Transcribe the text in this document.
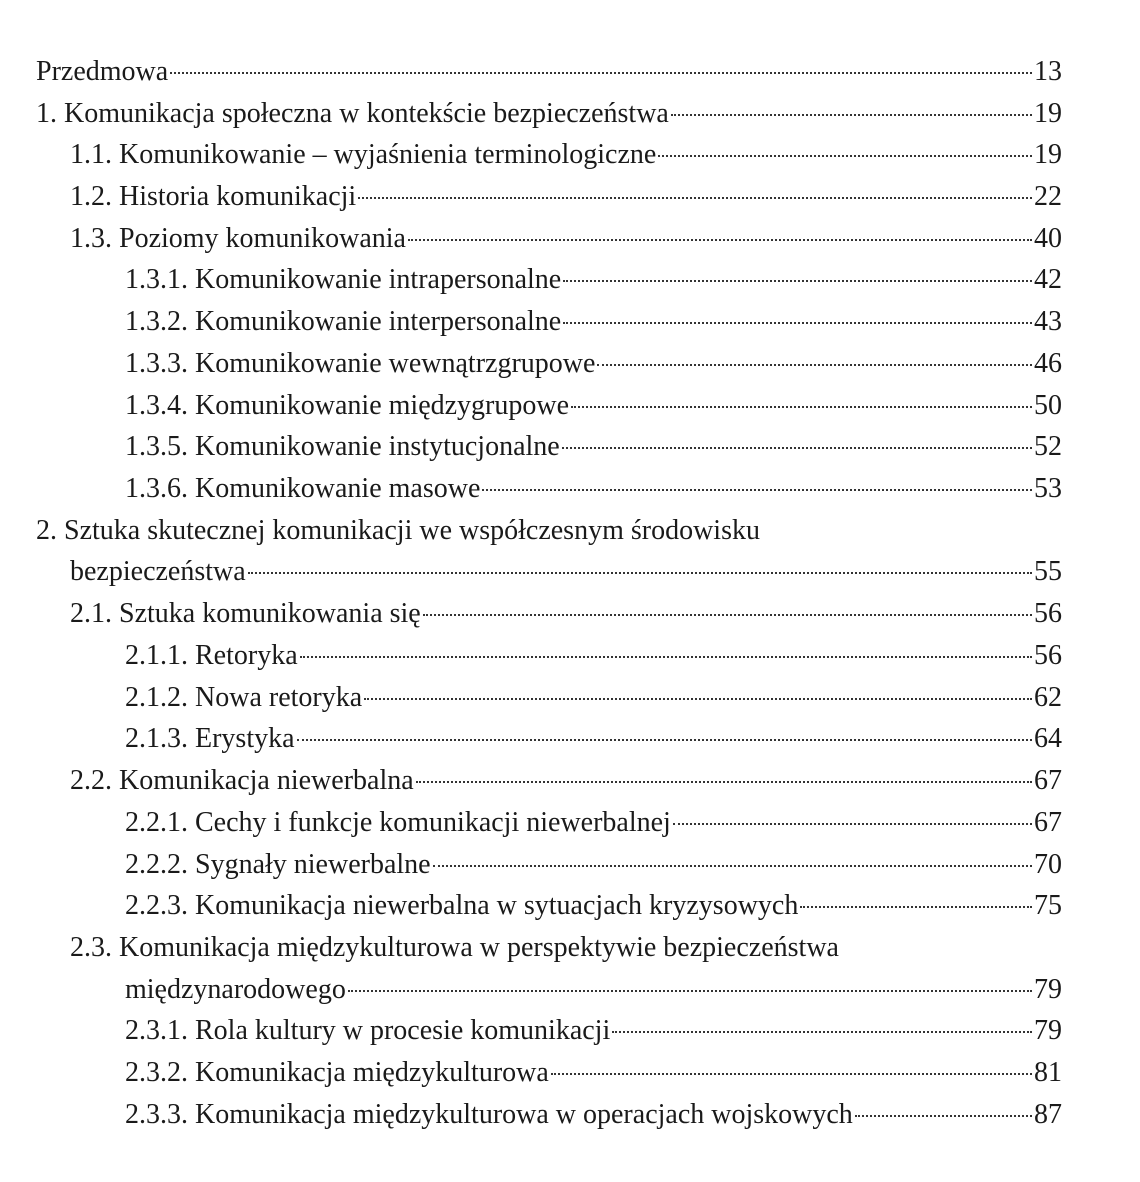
Przedmowa	13
1. Komunikacja społeczna w kontekście bezpieczeństwa	19
1.1. Komunikowanie – wyjaśnienia terminologiczne	19
1.2. Historia komunikacji	22
1.3. Poziomy komunikowania	40
1.3.1. Komunikowanie intrapersonalne	42
1.3.2. Komunikowanie interpersonalne	43
1.3.3. Komunikowanie wewnątrzgrupowe	46
1.3.4. Komunikowanie międzygrupowe	50
1.3.5. Komunikowanie instytucjonalne	52
1.3.6. Komunikowanie masowe	53
2. Sztuka skutecznej komunikacji we współczesnym środowisku
bezpieczeństwa	55
2.1. Sztuka komunikowania się	56
2.1.1. Retoryka	56
2.1.2. Nowa retoryka	62
2.1.3. Erystyka	64
2.2. Komunikacja niewerbalna	67
2.2.1. Cechy i funkcje komunikacji niewerbalnej	67
2.2.2. Sygnały niewerbalne	70
2.2.3. Komunikacja niewerbalna w sytuacjach kryzysowych	75
2.3. Komunikacja międzykulturowa w perspektywie bezpieczeństwa
międzynarodowego	79
2.3.1. Rola kultury w procesie komunikacji	79
2.3.2. Komunikacja międzykulturowa	81
2.3.3. Komunikacja międzykulturowa w operacjach wojskowych	87
